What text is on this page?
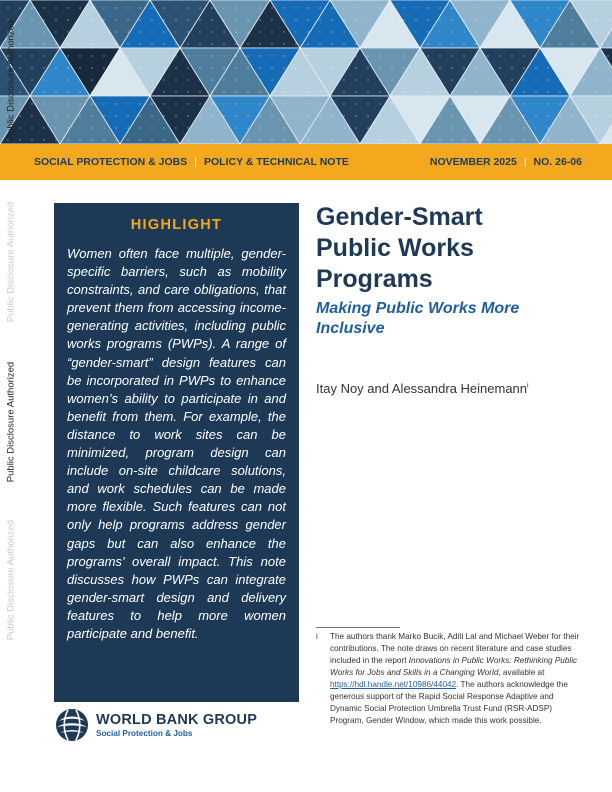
Public Disclosure Authorized
Public Disclosure Authorized
Public Disclosure Authorized
Public Disclosure Authorized
SOCIAL PROTECTION & JOBS | POLICY & TECHNICAL NOTE	NOVEMBER 2025 | NO. 26-06
HIGHLIGHT

Women often face multiple, gender-specific barriers, such as mobility constraints, and care obligations, that prevent them from accessing income-generating activities, including public works programs (PWPs). A range of “gender-smart” design features can be incorporated in PWPs to enhance women’s ability to participate in and benefit from them. For example, the distance to work sites can be minimized, program design can include on-site childcare solutions, and work schedules can be made more flexible. Such features can not only help programs address gender gaps but can also enhance the programs’ overall impact. This note discusses how PWPs can integrate gender-smart design and delivery features to help more women participate and benefit.

Gender-Smart
Public Works
Programs
Making Public Works More Inclusive
Itay Noy and Alessandra Heinemann$^i$
i	The authors thank Marko Bucik, Aditi Lal and Michael Weber for their contributions. The note draws on recent literature and case studies included in the report Innovations in Public Works: Rethinking Public Works for Jobs and Skills in a Changing World, available at https://hdl.handle.net/10986/44042. The authors acknowledge the generous support of the Rapid Social Response Adaptive and Dynamic Social Protection Umbrella Trust Fund (RSR-ADSP) Program, Gender Window, which made this work possible.
WORLD BANK GROUP
Social Protection & Jobs
